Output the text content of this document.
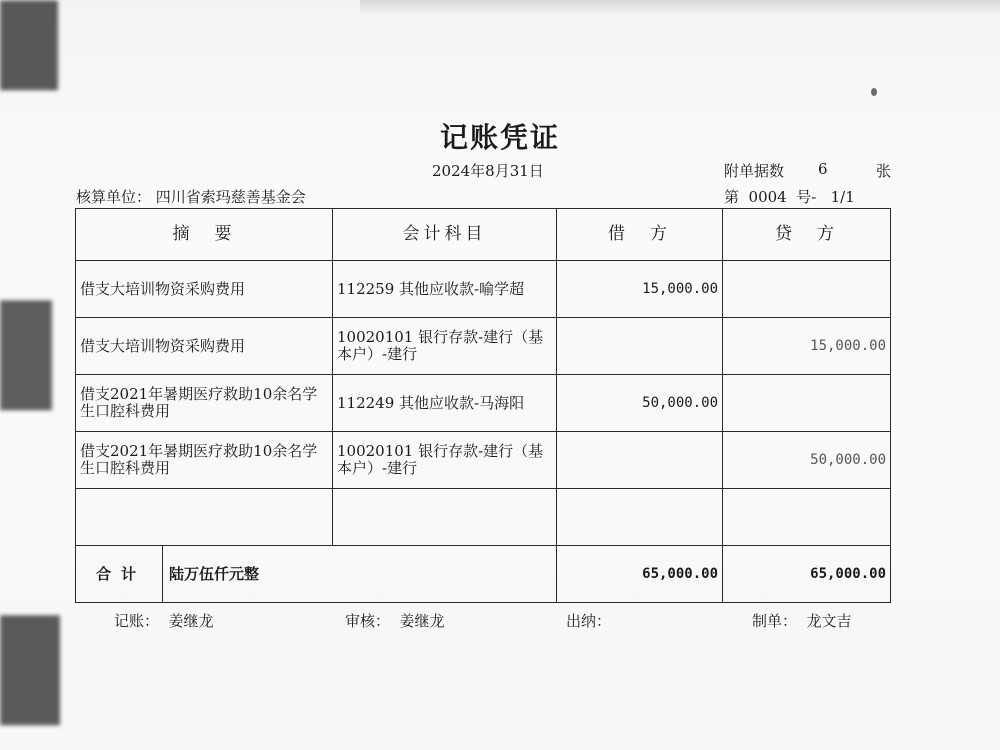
记账凭证
2024年8月31日	附单据数 6	张
核算单位： 四川省索玛慈善基金会	第  0004  号-   1/1
摘　要	会计科目	借　方	贷　方
借支大培训物资采购费用	112259 其他应收款-喻学超	15,000.00	
借支大培训物资采购费用	10020101 银行存款-建行（基本户）-建行		15,000.00
借支2021年暑期医疗救助10余名学生口腔科费用	112249 其他应收款-马海阳	50,000.00	
借支2021年暑期医疗救助10余名学生口腔科费用	10020101 银行存款-建行（基本户）-建行		50,000.00

合计 陆万伍仟元整		65,000.00	65,000.00
记账：  姜继龙	审核：  姜继龙	出纳：	制单：  龙文吉
